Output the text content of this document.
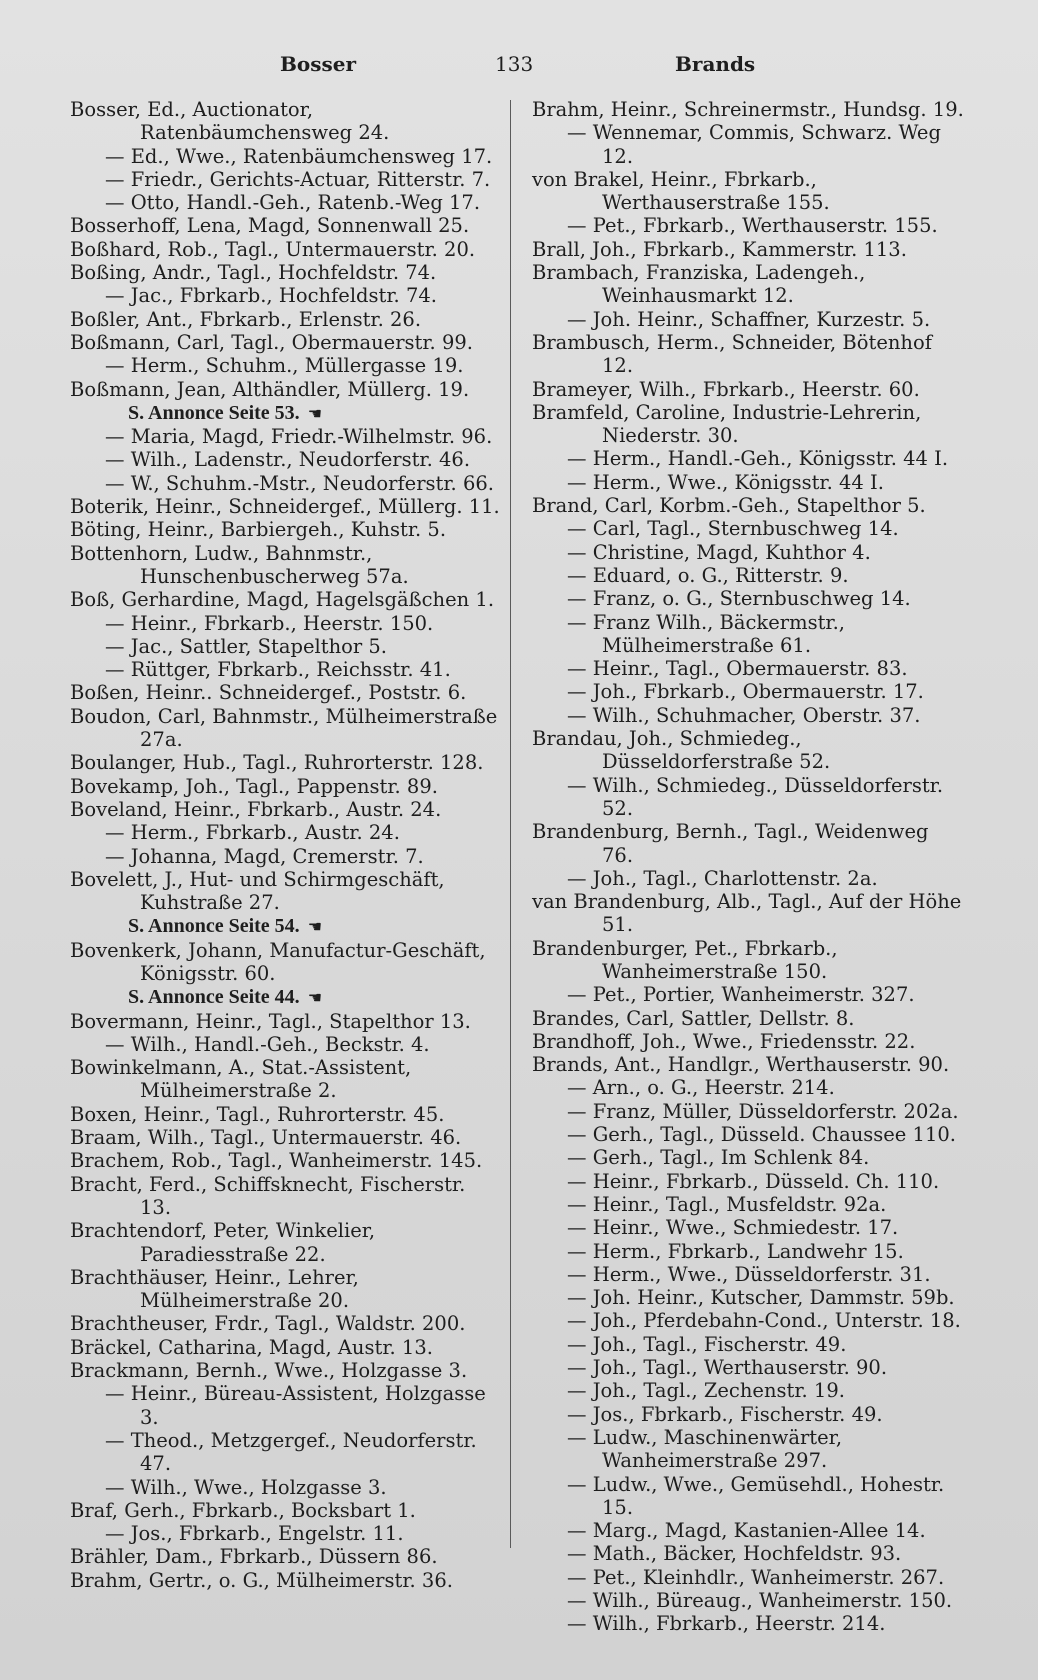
Bosser	133	Brands

Bosser, Ed., Auctionator, Ratenbäumchensweg 24.

— Ed., Wwe., Ratenbäumchensweg 17.

— Friedr., Gerichts-Actuar, Ritterstr. 7.

— Otto, Handl.-Geh., Ratenb.-Weg 17.

Bosserhoff, Lena, Magd, Sonnenwall 25.

Boßhard, Rob., Tagl., Untermauerstr. 20.

Boßing, Andr., Tagl., Hochfeldstr. 74.

— Jac., Fbrkarb., Hochfeldstr. 74.

Boßler, Ant., Fbrkarb., Erlenstr. 26.

Boßmann, Carl, Tagl., Obermauerstr. 99.

— Herm., Schuhm., Müllergasse 19.

Boßmann, Jean, Althändler, Müllerg. 19.

S. Annonce Seite 53. ☚

— Maria, Magd, Friedr.-Wilhelmstr. 96.

— Wilh., Ladenstr., Neudorferstr. 46.

— W., Schuhm.-Mstr., Neudorferstr. 66.

Boterik, Heinr., Schneidergef., Müllerg. 11.

Böting, Heinr., Barbiergeh., Kuhstr. 5.

Bottenhorn, Ludw., Bahnmstr., Hunschenbuscherweg 57a.

Boß, Gerhardine, Magd, Hagelsgäßchen 1.

— Heinr., Fbrkarb., Heerstr. 150.

— Jac., Sattler, Stapelthor 5.

— Rüttger, Fbrkarb., Reichsstr. 41.

Boßen, Heinr.. Schneidergef., Poststr. 6.

Boudon, Carl, Bahnmstr., Mülheimerstraße 27a.

Boulanger, Hub., Tagl., Ruhrorterstr. 128.

Bovekamp, Joh., Tagl., Pappenstr. 89.

Boveland, Heinr., Fbrkarb., Austr. 24.

— Herm., Fbrkarb., Austr. 24.

— Johanna, Magd, Cremerstr. 7.

Bovelett, J., Hut- und Schirmgeschäft, Kuhstraße 27.

S. Annonce Seite 54. ☚

Bovenkerk, Johann, Manufactur-Geschäft, Königsstr. 60.

S. Annonce Seite 44. ☚

Bovermann, Heinr., Tagl., Stapelthor 13.

— Wilh., Handl.-Geh., Beckstr. 4.

Bowinkelmann, A., Stat.-Assistent, Mülheimerstraße 2.

Boxen, Heinr., Tagl., Ruhrorterstr. 45.

Braam, Wilh., Tagl., Untermauerstr. 46.

Brachem, Rob., Tagl., Wanheimerstr. 145.

Bracht, Ferd., Schiffsknecht, Fischerstr. 13.

Brachtendorf, Peter, Winkelier, Paradiesstraße 22.

Brachthäuser, Heinr., Lehrer, Mülheimerstraße 20.

Brachtheuser, Frdr., Tagl., Waldstr. 200.

Bräckel, Catharina, Magd, Austr. 13.

Brackmann, Bernh., Wwe., Holzgasse 3.

— Heinr., Büreau-Assistent, Holzgasse 3.

— Theod., Metzgergef., Neudorferstr. 47.

— Wilh., Wwe., Holzgasse 3.

Braf, Gerh., Fbrkarb., Bocksbart 1.

— Jos., Fbrkarb., Engelstr. 11.

Brähler, Dam., Fbrkarb., Düssern 86.

Brahm, Gertr., o. G., Mülheimerstr. 36.

Brahm, Heinr., Schreinermstr., Hundsg. 19.

— Wennemar, Commis, Schwarz. Weg 12.

von Brakel, Heinr., Fbrkarb., Werthauserstraße 155.

— Pet., Fbrkarb., Werthauserstr. 155.

Brall, Joh., Fbrkarb., Kammerstr. 113.

Brambach, Franziska, Ladengeh., Weinhausmarkt 12.

— Joh. Heinr., Schaffner, Kurzestr. 5.

Brambusch, Herm., Schneider, Bötenhof 12.

Brameyer, Wilh., Fbrkarb., Heerstr. 60.

Bramfeld, Caroline, Industrie-Lehrerin, Niederstr. 30.

— Herm., Handl.-Geh., Königsstr. 44 I.

— Herm., Wwe., Königsstr. 44 I.

Brand, Carl, Korbm.-Geh., Stapelthor 5.

— Carl, Tagl., Sternbuschweg 14.

— Christine, Magd, Kuhthor 4.

— Eduard, o. G., Ritterstr. 9.

— Franz, o. G., Sternbuschweg 14.

— Franz Wilh., Bäckermstr., Mülheimerstraße 61.

— Heinr., Tagl., Obermauerstr. 83.

— Joh., Fbrkarb., Obermauerstr. 17.

— Wilh., Schuhmacher, Oberstr. 37.

Brandau, Joh., Schmiedeg., Düsseldorferstraße 52.

— Wilh., Schmiedeg., Düsseldorferstr. 52.

Brandenburg, Bernh., Tagl., Weidenweg 76.

— Joh., Tagl., Charlottenstr. 2a.

van Brandenburg, Alb., Tagl., Auf der Höhe 51.

Brandenburger, Pet., Fbrkarb., Wanheimerstraße 150.

— Pet., Portier, Wanheimerstr. 327.

Brandes, Carl, Sattler, Dellstr. 8.

Brandhoff, Joh., Wwe., Friedensstr. 22.

Brands, Ant., Handlgr., Werthauserstr. 90.

— Arn., o. G., Heerstr. 214.

— Franz, Müller, Düsseldorferstr. 202a.

— Gerh., Tagl., Düsseld. Chaussee 110.

— Gerh., Tagl., Im Schlenk 84.

— Heinr., Fbrkarb., Düsseld. Ch. 110.

— Heinr., Tagl., Musfeldstr. 92a.

— Heinr., Wwe., Schmiedestr. 17.

— Herm., Fbrkarb., Landwehr 15.

— Herm., Wwe., Düsseldorferstr. 31.

— Joh. Heinr., Kutscher, Dammstr. 59b.

— Joh., Pferdebahn-Cond., Unterstr. 18.

— Joh., Tagl., Fischerstr. 49.

— Joh., Tagl., Werthauserstr. 90.

— Joh., Tagl., Zechenstr. 19.

— Jos., Fbrkarb., Fischerstr. 49.

— Ludw., Maschinenwärter, Wanheimerstraße 297.

— Ludw., Wwe., Gemüsehdl., Hohestr. 15.

— Marg., Magd, Kastanien-Allee 14.

— Math., Bäcker, Hochfeldstr. 93.

— Pet., Kleinhdlr., Wanheimerstr. 267.

— Wilh., Büreaug., Wanheimerstr. 150.

— Wilh., Fbrkarb., Heerstr. 214.
